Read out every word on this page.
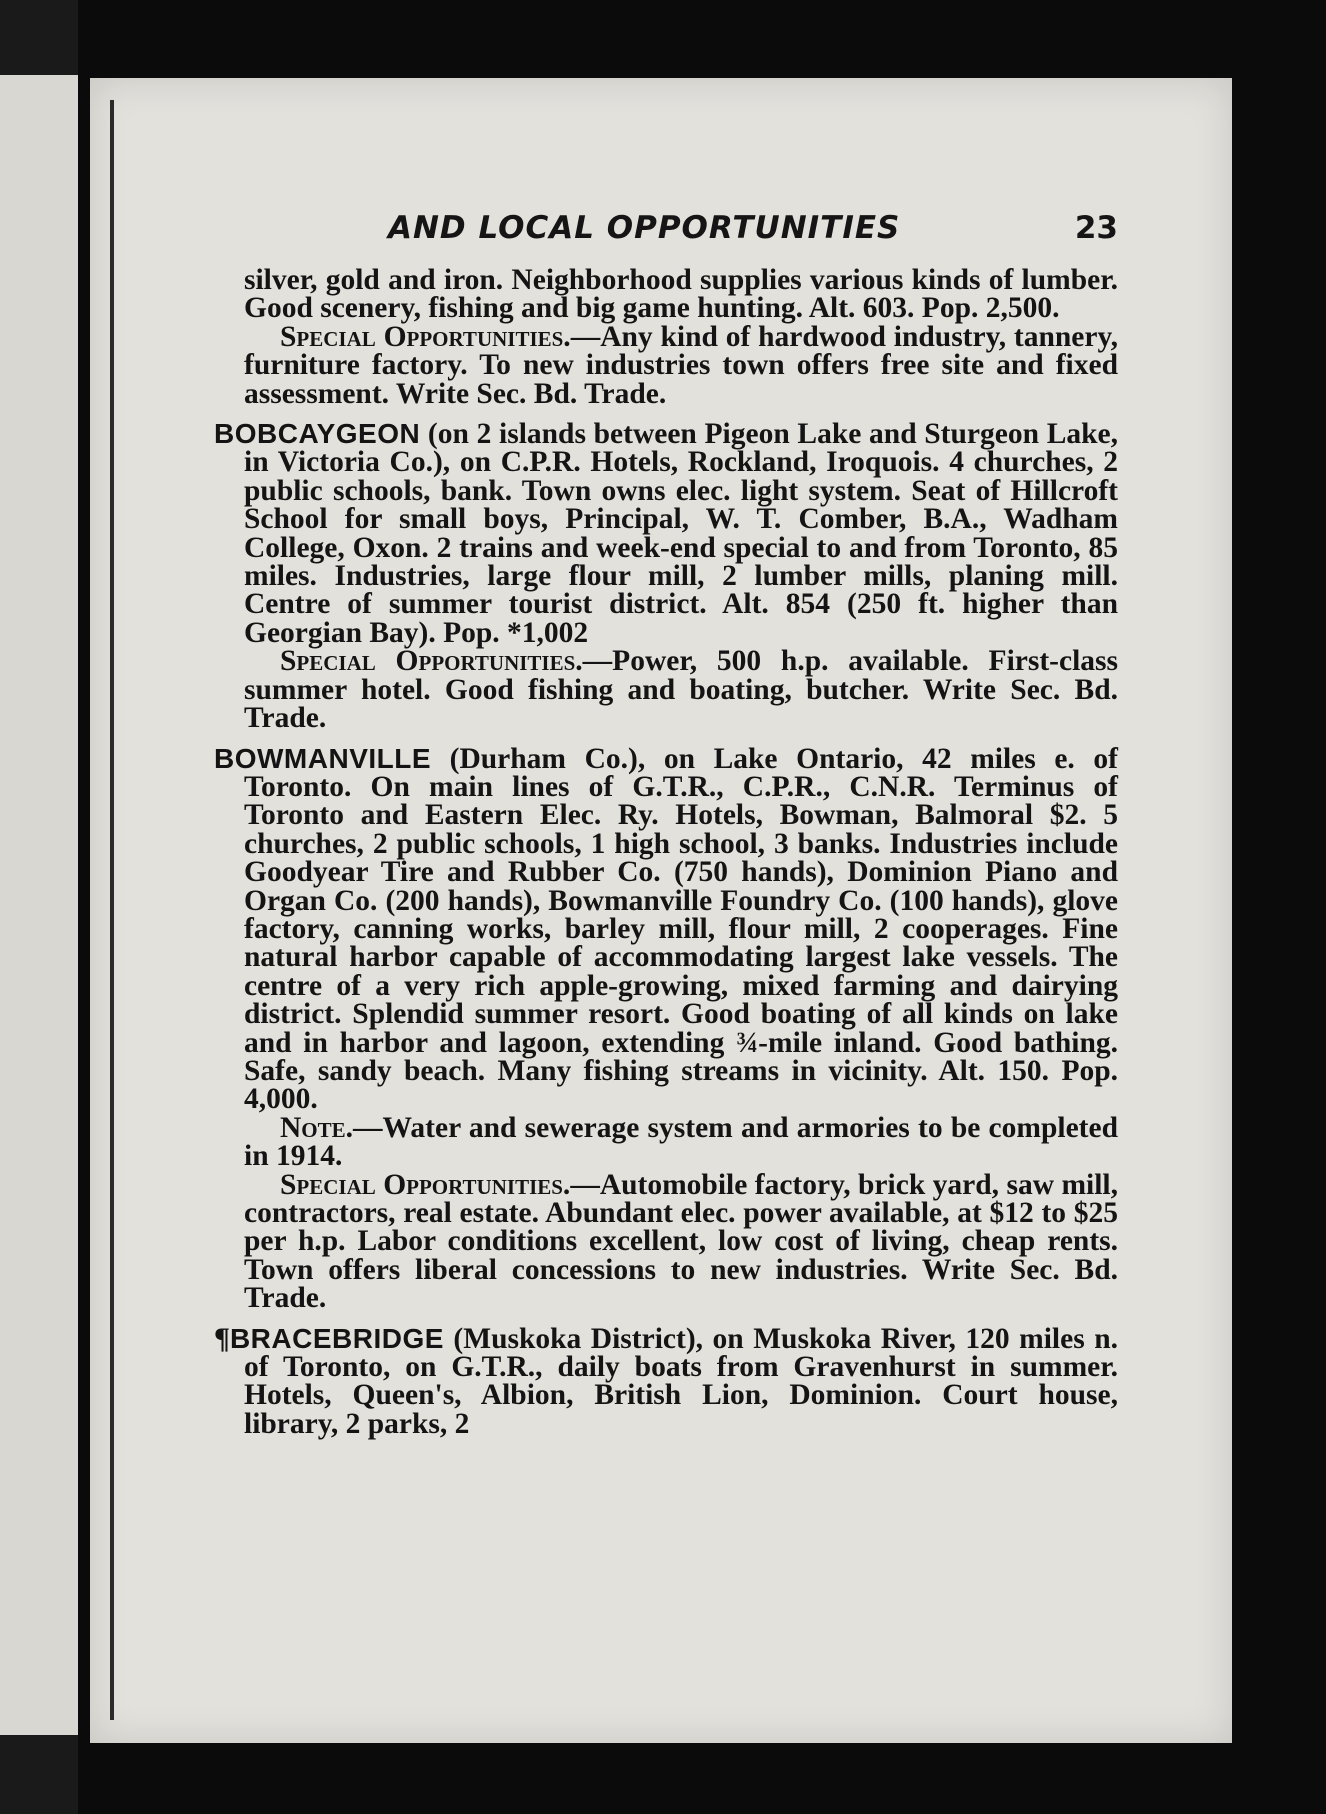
AND LOCAL OPPORTUNITIES	23

silver, gold and iron. Neighborhood supplies various kinds of lumber. Good scenery, fishing and big game hunting. Alt. 603. Pop. 2,500.

Special Opportunities.—Any kind of hardwood industry, tannery, furniture factory. To new industries town offers free site and fixed assessment. Write Sec. Bd. Trade.

BOBCAYGEON (on 2 islands between Pigeon Lake and Sturgeon Lake, in Victoria Co.), on C.P.R. Hotels, Rockland, Iroquois. 4 churches, 2 public schools, bank. Town owns elec. light system. Seat of Hillcroft School for small boys, Principal, W. T. Comber, B.A., Wadham College, Oxon. 2 trains and week-end special to and from Toronto, 85 miles. Industries, large flour mill, 2 lumber mills, planing mill. Centre of summer tourist district. Alt. 854 (250 ft. higher than Georgian Bay). Pop. *1,002

Special Opportunities.—Power, 500 h.p. available. First-class summer hotel. Good fishing and boating, butcher. Write Sec. Bd. Trade.

BOWMANVILLE (Durham Co.), on Lake Ontario, 42 miles e. of Toronto. On main lines of G.T.R., C.P.R., C.N.R. Terminus of Toronto and Eastern Elec. Ry. Hotels, Bowman, Balmoral $2. 5 churches, 2 public schools, 1 high school, 3 banks. Industries include Goodyear Tire and Rubber Co. (750 hands), Dominion Piano and Organ Co. (200 hands), Bowmanville Foundry Co. (100 hands), glove factory, canning works, barley mill, flour mill, 2 cooperages. Fine natural harbor capable of accommodating largest lake vessels. The centre of a very rich apple-growing, mixed farming and dairying district. Splendid summer resort. Good boating of all kinds on lake and in harbor and lagoon, extending ¾-mile inland. Good bathing. Safe, sandy beach. Many fishing streams in vicinity. Alt. 150. Pop. 4,000.

Note.—Water and sewerage system and armories to be completed in 1914.

Special Opportunities.—Automobile factory, brick yard, saw mill, contractors, real estate. Abundant elec. power available, at $12 to $25 per h.p. Labor conditions excellent, low cost of living, cheap rents. Town offers liberal concessions to new industries. Write Sec. Bd. Trade.

¶BRACEBRIDGE (Muskoka District), on Muskoka River, 120 miles n. of Toronto, on G.T.R., daily boats from Gravenhurst in summer. Hotels, Queen's, Albion, British Lion, Dominion. Court house, library, 2 parks, 2
